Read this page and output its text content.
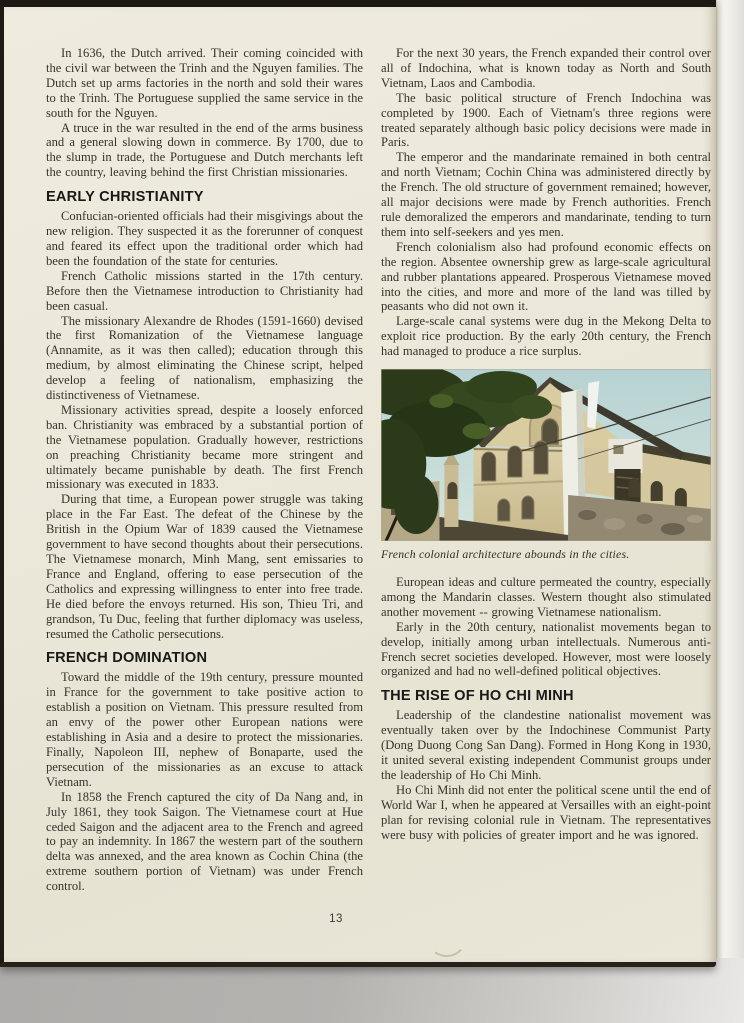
In 1636, the Dutch arrived. Their coming coincided with the civil war between the Trinh and the Nguyen families. The Dutch set up arms factories in the north and sold their wares to the Trinh. The Portuguese supplied the same service in the south for the Nguyen.

A truce in the war resulted in the end of the arms business and a general slowing down in commerce. By 1700, due to the slump in trade, the Portuguese and Dutch merchants left the country, leaving behind the first Christian missionaries.

EARLY CHRISTIANITY

Confucian-oriented officials had their misgivings about the new religion. They suspected it as the forerunner of conquest and feared its effect upon the traditional order which had been the foundation of the state for centuries.

French Catholic missions started in the 17th century. Before then the Vietnamese introduction to Christianity had been casual.

The missionary Alexandre de Rhodes (1591-1660) devised the first Romanization of the Vietnamese language (Annamite, as it was then called); education through this medium, by almost eliminating the Chinese script, helped develop a feeling of nationalism, emphasizing the distinctiveness of Vietnamese.

Missionary activities spread, despite a loosely enforced ban. Christianity was embraced by a substantial portion of the Vietnamese population. Gradually however, restrictions on preaching Christianity became more stringent and ultimately became punishable by death. The first French missionary was executed in 1833.

During that time, a European power struggle was taking place in the Far East. The defeat of the Chinese by the British in the Opium War of 1839 caused the Vietnamese government to have second thoughts about their persecutions. The Vietnamese monarch, Minh Mang, sent emissaries to France and England, offering to ease persecution of the Catholics and expressing willingness to enter into free trade. He died before the envoys returned. His son, Thieu Tri, and grandson, Tu Duc, feeling that further diplomacy was useless, resumed the Catholic persecutions.

FRENCH DOMINATION

Toward the middle of the 19th century, pressure mounted in France for the government to take positive action to establish a position on Vietnam. This pressure resulted from an envy of the power other European nations were establishing in Asia and a desire to protect the missionaries. Finally, Napoleon III, nephew of Bonaparte, used the persecution of the missionaries as an excuse to attack Vietnam.

In 1858 the French captured the city of Da Nang and, in July 1861, they took Saigon. The Vietnamese court at Hue ceded Saigon and the adjacent area to the French and agreed to pay an indemnity. In 1867 the western part of the southern delta was annexed, and the area known as Cochin China (the extreme southern portion of Vietnam) was under French control.

For the next 30 years, the French expanded their control over all of Indochina, what is known today as North and South Vietnam, Laos and Cambodia.

The basic political structure of French Indochina was completed by 1900. Each of Vietnam's three regions were treated separately although basic policy decisions were made in Paris.

The emperor and the mandarinate remained in both central and north Vietnam; Cochin China was administered directly by the French. The old structure of government remained; however, all major decisions were made by French authorities. French rule demoralized the emperors and mandarinate, tending to turn them into self-seekers and yes men.

French colonialism also had profound economic effects on the region. Absentee ownership grew as large-scale agricultural and rubber plantations appeared. Prosperous Vietnamese moved into the cities, and more and more of the land was tilled by peasants who did not own it.

Large-scale canal systems were dug in the Mekong Delta to exploit rice production. By the early 20th century, the French had managed to produce a rice surplus.

French colonial architecture abounds in the cities.

European ideas and culture permeated the country, especially among the Mandarin classes. Western thought also stimulated another movement -- growing Vietnamese nationalism.

Early in the 20th century, nationalist movements began to develop, initially among urban intellectuals. Numerous anti-French secret societies developed. However, most were loosely organized and had no well-defined political objectives.

THE RISE OF HO CHI MINH

Leadership of the clandestine nationalist movement was eventually taken over by the Indochinese Communist Party (Dong Duong Cong San Dang). Formed in Hong Kong in 1930, it united several existing independent Communist groups under the leadership of Ho Chi Minh.

Ho Chi Minh did not enter the political scene until the end of World War I, when he appeared at Versailles with an eight-point plan for revising colonial rule in Vietnam. The representatives were busy with policies of greater import and he was ignored.

13
